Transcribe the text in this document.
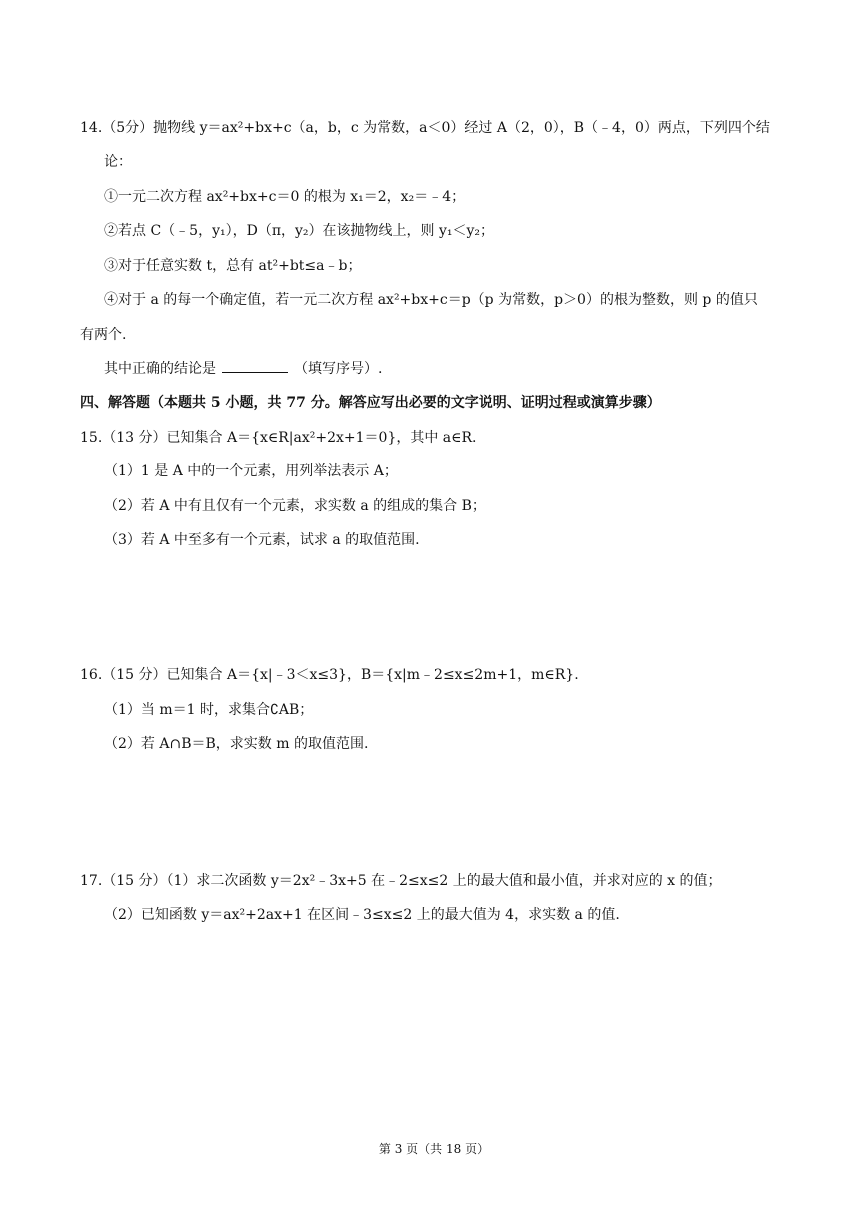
14.（5分）抛物线 y＝ax²+bx+c（a，b，c 为常数，a＜0）经过 A（2，0），B（﹣4，0）两点，下列四个结
论：
①一元二次方程 ax²+bx+c＝0 的根为 x₁＝2，x₂＝﹣4；
②若点 C（﹣5，y₁），D（π，y₂）在该抛物线上，则 y₁＜y₂；
③对于任意实数 t，总有 at²+bt≤a﹣b；
④对于 a 的每一个确定值，若一元二次方程 ax²+bx+c＝p（p 为常数，p＞0）的根为整数，则 p 的值只
有两个.
其中正确的结论是	（填写序号）.
四、解答题（本题共 5 小题，共 77 分。解答应写出必要的文字说明、证明过程或演算步骤）
15.（13 分）已知集合 A＝{x∈R|ax²+2x+1＝0}，其中 a∈R.
（1）1 是 A 中的一个元素，用列举法表示 A；
（2）若 A 中有且仅有一个元素，求实数 a 的组成的集合 B；
（3）若 A 中至多有一个元素，试求 a 的取值范围.
16.（15 分）已知集合 A＝{x|﹣3＜x≤3}，B＝{x|m﹣2≤x≤2m+1，m∈R}.
（1）当 m＝1 时，求集合∁AB；
（2）若 A∩B＝B，求实数 m 的取值范围.
17.（15 分）（1）求二次函数 y＝2x²﹣3x+5 在﹣2≤x≤2 上的最大值和最小值，并求对应的 x 的值；
（2）已知函数 y＝ax²+2ax+1 在区间﹣3≤x≤2 上的最大值为 4，求实数 a 的值.
第 3 页（共 18 页）
